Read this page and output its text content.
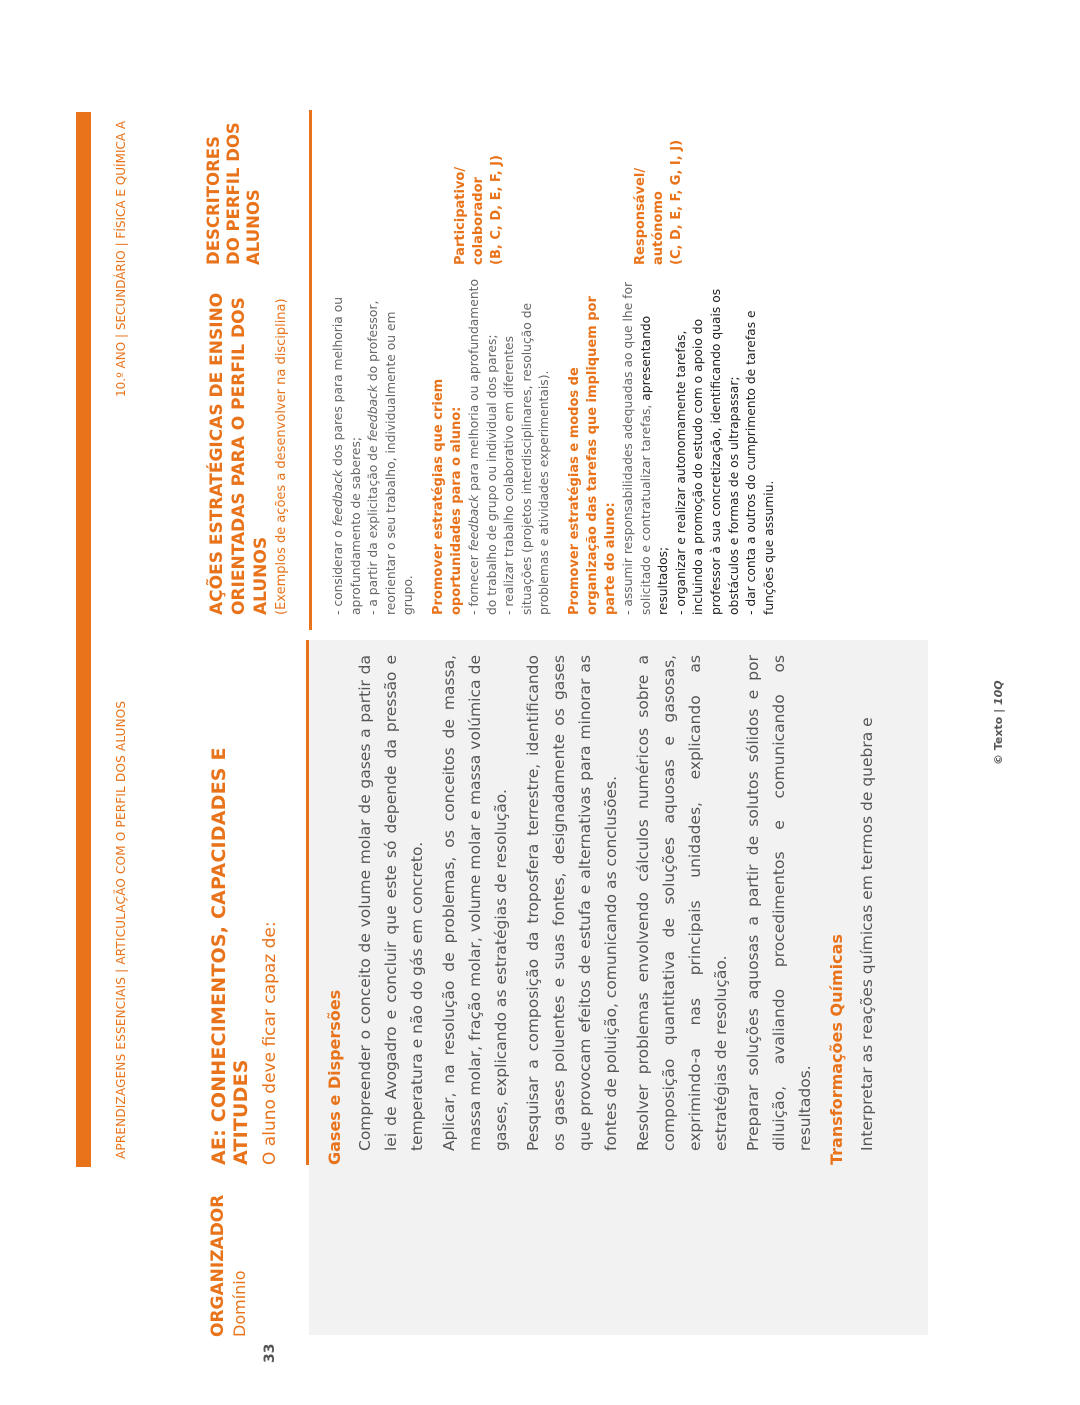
APRENDIZAGENS ESSENCIAIS | ARTICULAÇÃO COM O PERFIL DOS ALUNOS
10.º ANO | SECUNDÁRIO | FÍSICA E QUÍMICA A
33
© Texto | 10Q
ORGANIZADOR Domínio
AE: CONHECIMENTOS, CAPACIDADES E ATITUDES O aluno deve ficar capaz de:	Gases e Dispersões Compreender o conceito de volume molar de gases a partir da lei de Avogadro e concluir que este só depende da pressão e temperatura e não do gás em concreto. Aplicar, na resolução de problemas, os conceitos de massa, massa molar, fração molar, volume molar e massa volúmica de gases, explicando as estratégias de resolução. Pesquisar a composição da troposfera terrestre, identificando os gases poluentes e suas fontes, designadamente os gases que provocam efeitos de estufa e alternativas para minorar as fontes de poluição, comunicando as conclusões. Resolver problemas envolvendo cálculos numéricos sobre a composição quantitativa de soluções aquosas e gasosas, exprimindo-a nas principais unidades, explicando as estratégias de resolução. Preparar soluções aquosas a partir de solutos sólidos e por diluição, avaliando procedimentos e comunicando os resultados. Transformações Químicas Interpretar as reações químicas em termos de quebra e

AÇÕES ESTRATÉGICAS DE ENSINO ORIENTADAS PARA O PERFIL DOS ALUNOS (Exemplos de ações a desenvolver na disciplina)	- considerar o feedback dos pares para melhoria ou aprofundamento de saberes; - a partir da explicitação de feedback do professor, reorientar o seu trabalho, individualmente ou em grupo. Promover estratégias que criem oportunidades para o aluno: - fornecer feedback para melhoria ou aprofundamento do trabalho de grupo ou individual dos pares; - realizar trabalho colaborativo em diferentes situações (projetos interdisciplinares, resolução de problemas e atividades experimentais). Promover estratégias e modos de organização das tarefas que impliquem por parte do aluno: - assumir responsabilidades adequadas ao que lhe for solicitado e contratualizar tarefas, apresentando resultados; - organizar e realizar autonomamente tarefas, incluindo a promoção do estudo com o apoio do professor à sua concretização, identificando quais os obstáculos e formas de os ultrapassar; - dar conta a outros do cumprimento de tarefas e funções que assumiu.
DESCRITORES DO PERFIL DOS ALUNOS	Participativo/ colaborador (B, C, D, E, F, J)	Responsável/ autónomo (C, D, E, F, G, I, J)
